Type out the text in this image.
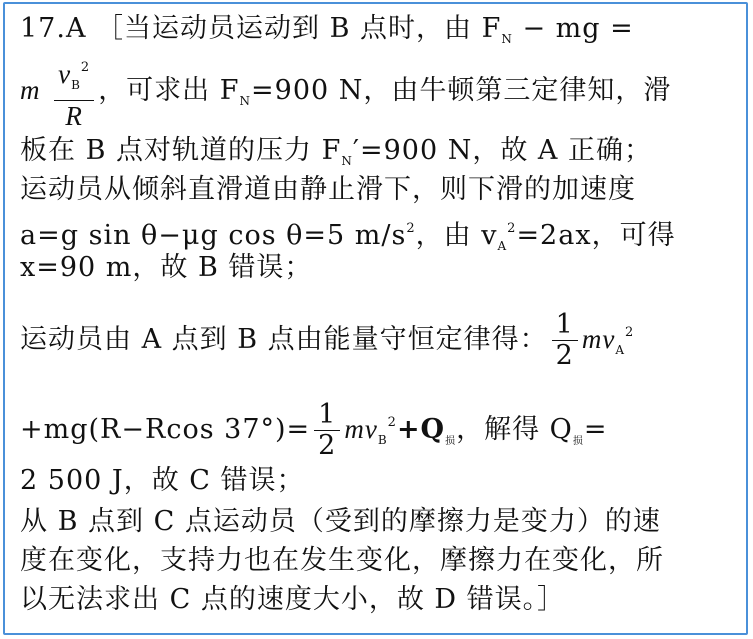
17.A ［当运动员运动到 B 点时，由 $F_N$ − mg =
m $\frac{v_B^2}{R}$ ，可求出 $F_N=900$ N，由牛顿第三定律知，滑
板在 B 点对轨道的压力 $F_N'=900$ N，故 A 正确；
运动员从倾斜直滑道由静止滑下，则下滑的加速度
a=g sin θ−μg cos θ=5 $m/s^2$，由 $v_A^2=2ax$，可得
x=90 m，故 B 错误；
运动员由 A 点到 B 点由能量守恒定律得： $\frac{1}{2} mv_A^2$
+mg(R−Rcos $37^\circ)= \frac{1}{2} mv_B^2+Q_损$，解得 $Q_损=$
2 500 J，故 C 错误；
从 B 点到 C 点运动员（受到的摩擦力是变力）的速
度在变化，支持力也在发生变化，摩擦力在变化，所
以无法求出 C 点的速度大小，故 D 错误。］
